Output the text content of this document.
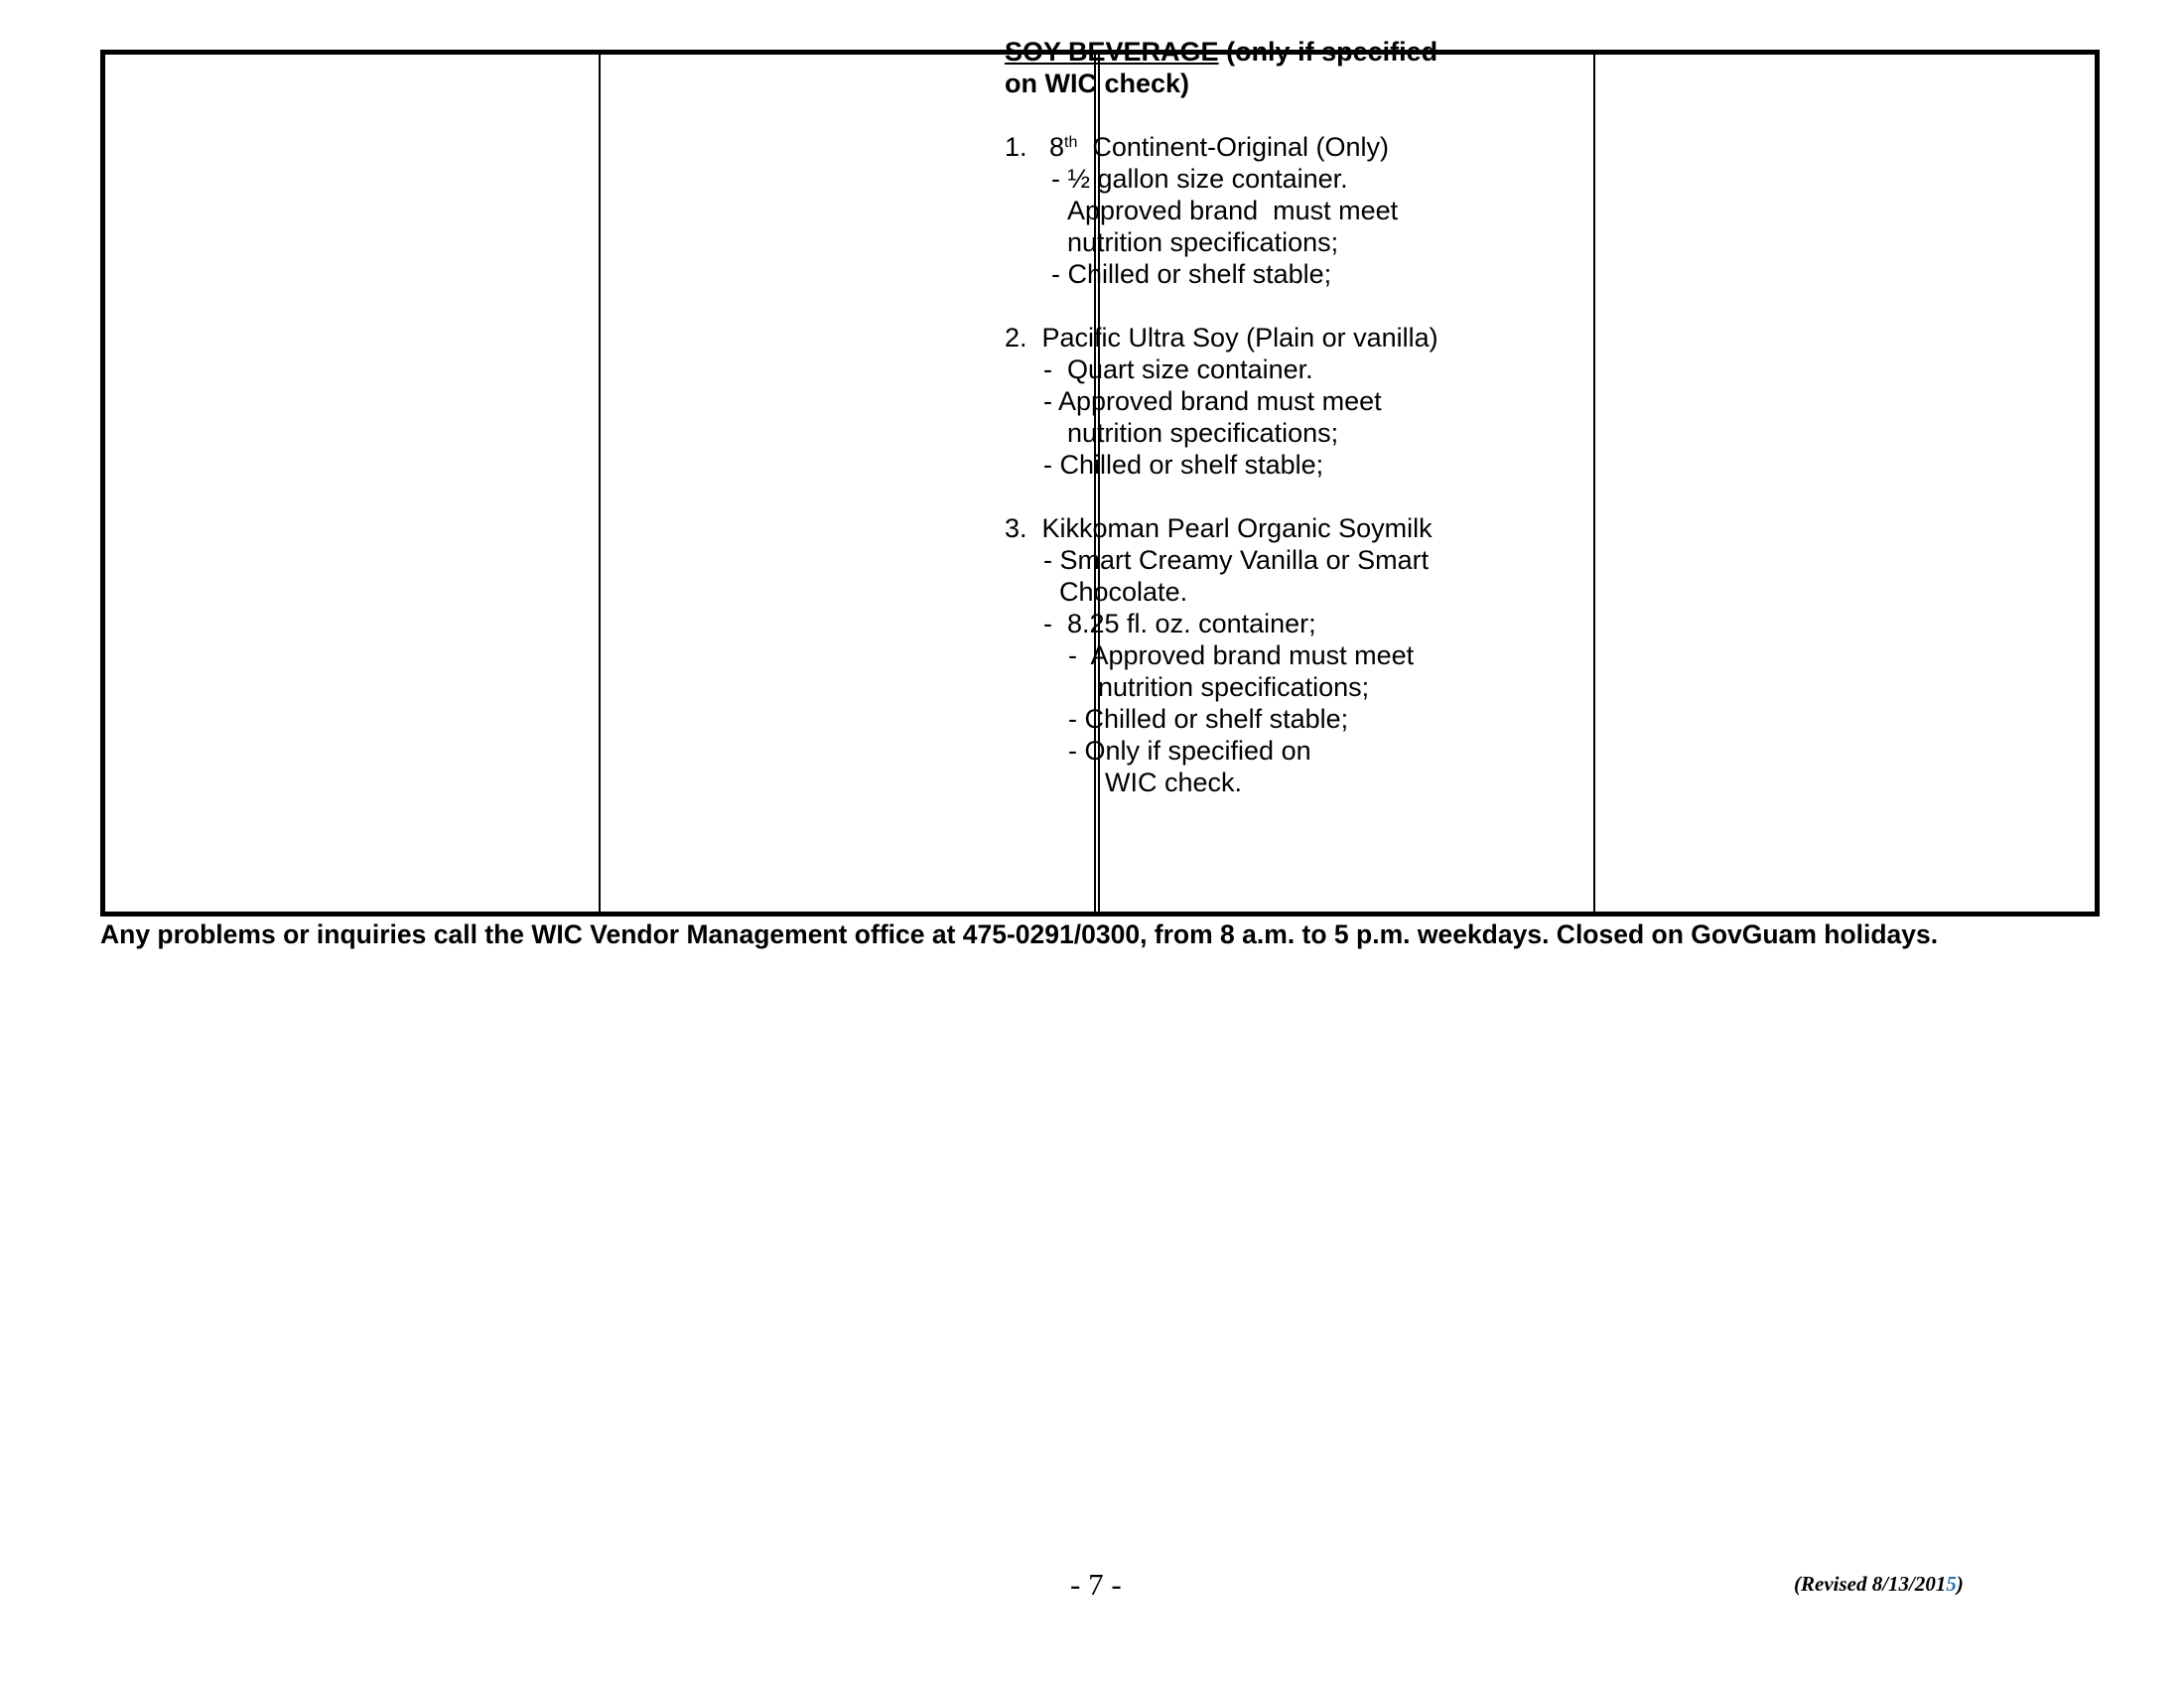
SOY BEVERAGE (only if specified
on WIC check)
1.   8th  Continent-Original (Only)
- ½ gallon size container.
Approved brand  must meet
nutrition specifications;
- Chilled or shelf stable;
2.  Pacific Ultra Soy (Plain or vanilla)
-  Quart size container.
- Approved brand must meet
nutrition specifications;
- Chilled or shelf stable;
3.  Kikkoman Pearl Organic Soymilk
- Smart Creamy Vanilla or Smart
Chocolate.
-  8.25 fl. oz. container;
-  Approved brand must meet
nutrition specifications;
- Chilled or shelf stable;
- Only if specified on
WIC check.
Any problems or inquiries call the WIC Vendor Management office at 475-0291/0300, from 8 a.m. to 5 p.m. weekdays. Closed on GovGuam holidays.
- 7 -	(Revised 8/13/2015)
